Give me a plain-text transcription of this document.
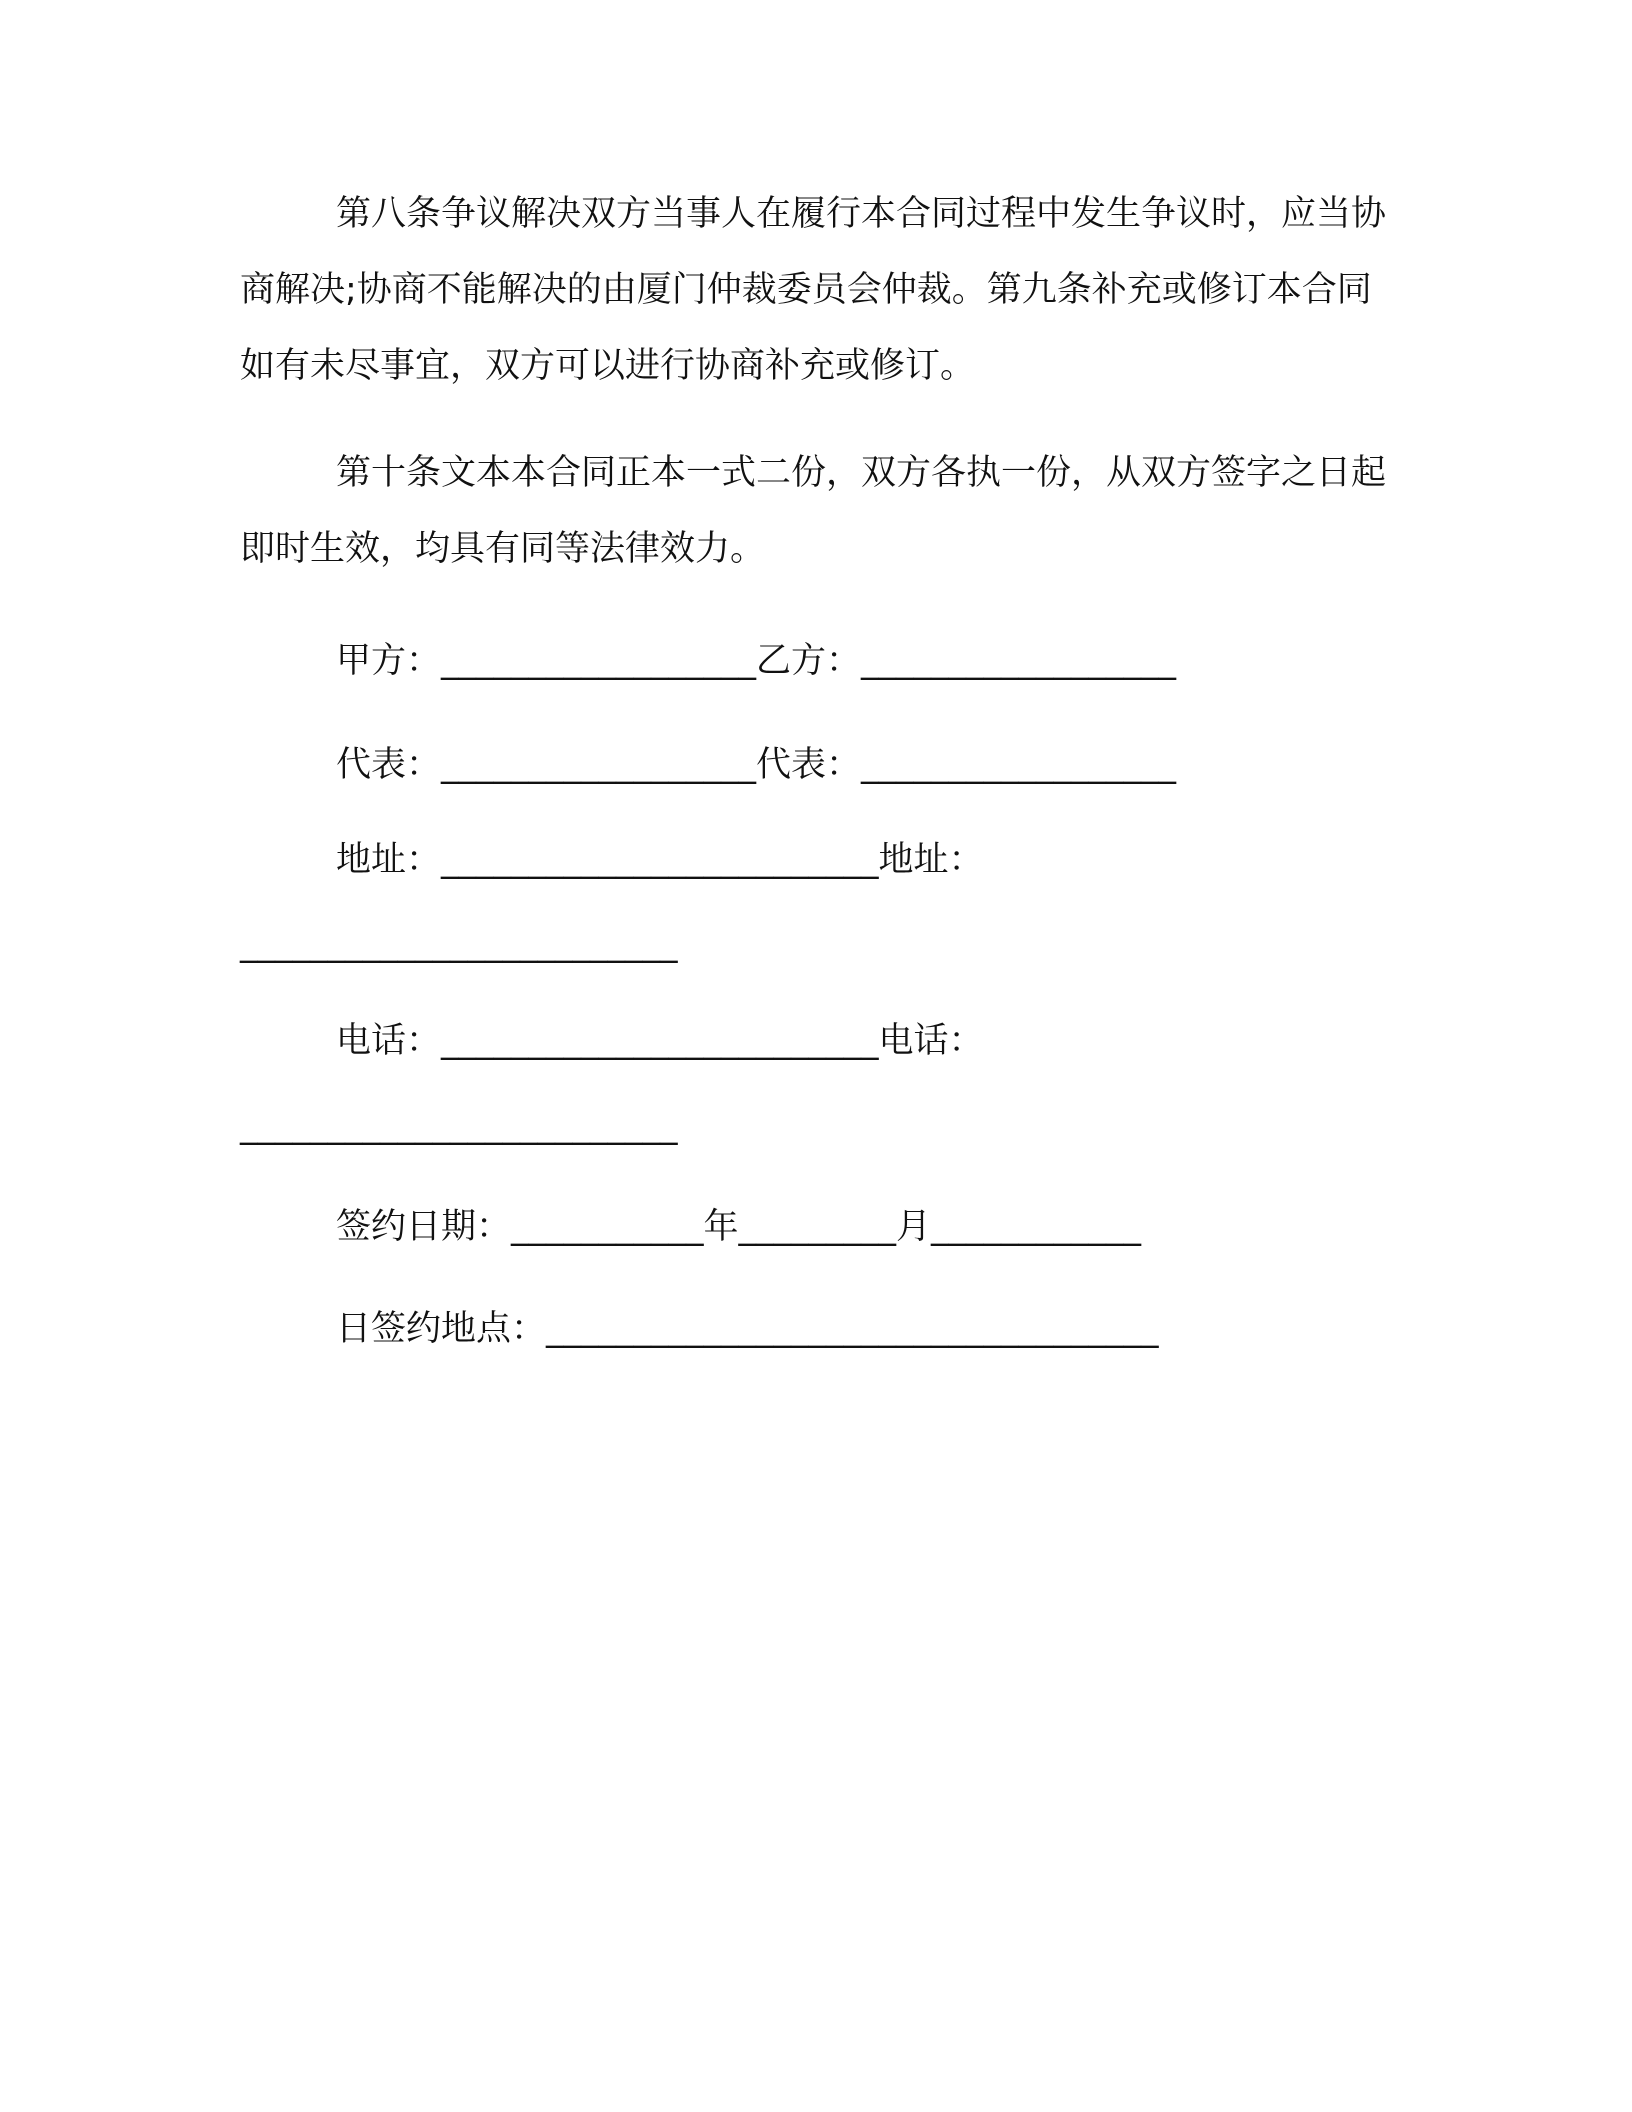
第八条争议解决双方当事人在履行本合同过程中发生争议时，应当协商解决;协商不能解决的由厦门仲裁委员会仲裁。第九条补充或修订本合同如有未尽事宜，双方可以进行协商补充或修订。

第十条文本本合同正本一式二份，双方各执一份，从双方签字之日起即时生效，均具有同等法律效力。

甲方：__________________乙方：__________________
代表：__________________代表：__________________
地址：_________________________地址：
_________________________
电话：_________________________电话：
_________________________
签约日期：___________年_________月____________
日签约地点：___________________________________
